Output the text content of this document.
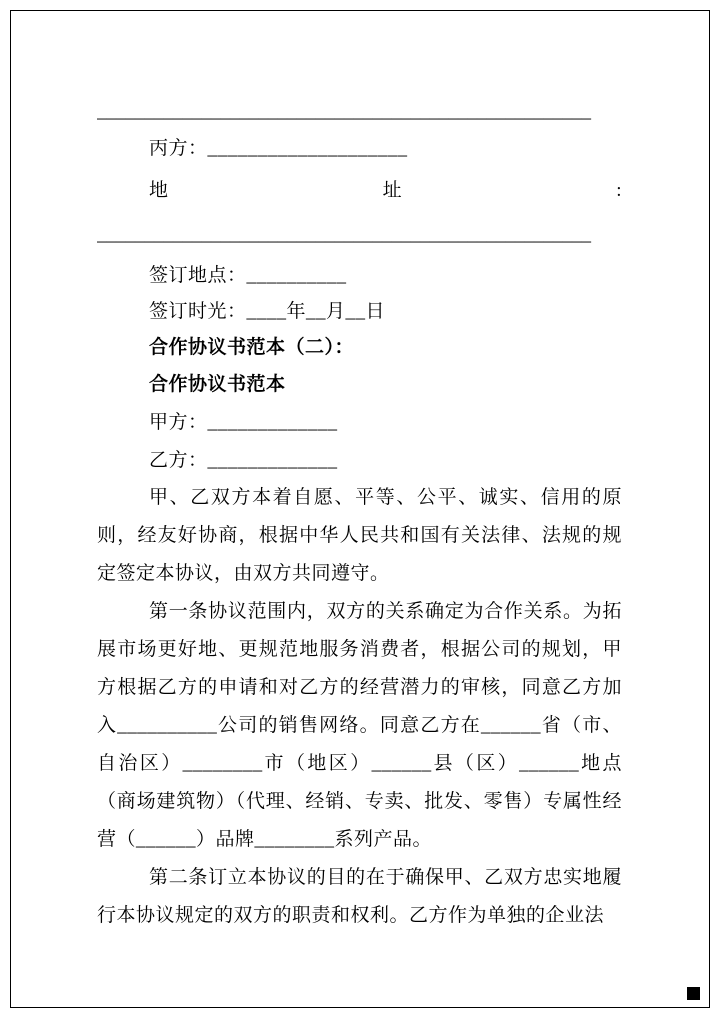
____________________________________________________
丙方：____________________
地	址	:
____________________________________________________
签订地点：__________
签订时光：____年__月__日
合作协议书范本（二）：
合作协议书范本
甲方：_____________
乙方：_____________

甲、乙双方本着自愿、平等、公平、诚实、信用的原则，经友好协商，根据中华人民共和国有关法律、法规的规定签定本协议，由双方共同遵守。

第一条协议范围内，双方的关系确定为合作关系。为拓展市场更好地、更规范地服务消费者，根据公司的规划，甲方根据乙方的申请和对乙方的经营潜力的审核，同意乙方加入__________公司的销售网络。同意乙方在______省（市、自治区）________市（地区）______县（区）______地点（商场建筑物）（代理、经销、专卖、批发、零售）专属性经营（______）品牌________系列产品。

第二条订立本协议的目的在于确保甲、乙双方忠实地履行本协议规定的双方的职责和权利。乙方作为单独的企业法
